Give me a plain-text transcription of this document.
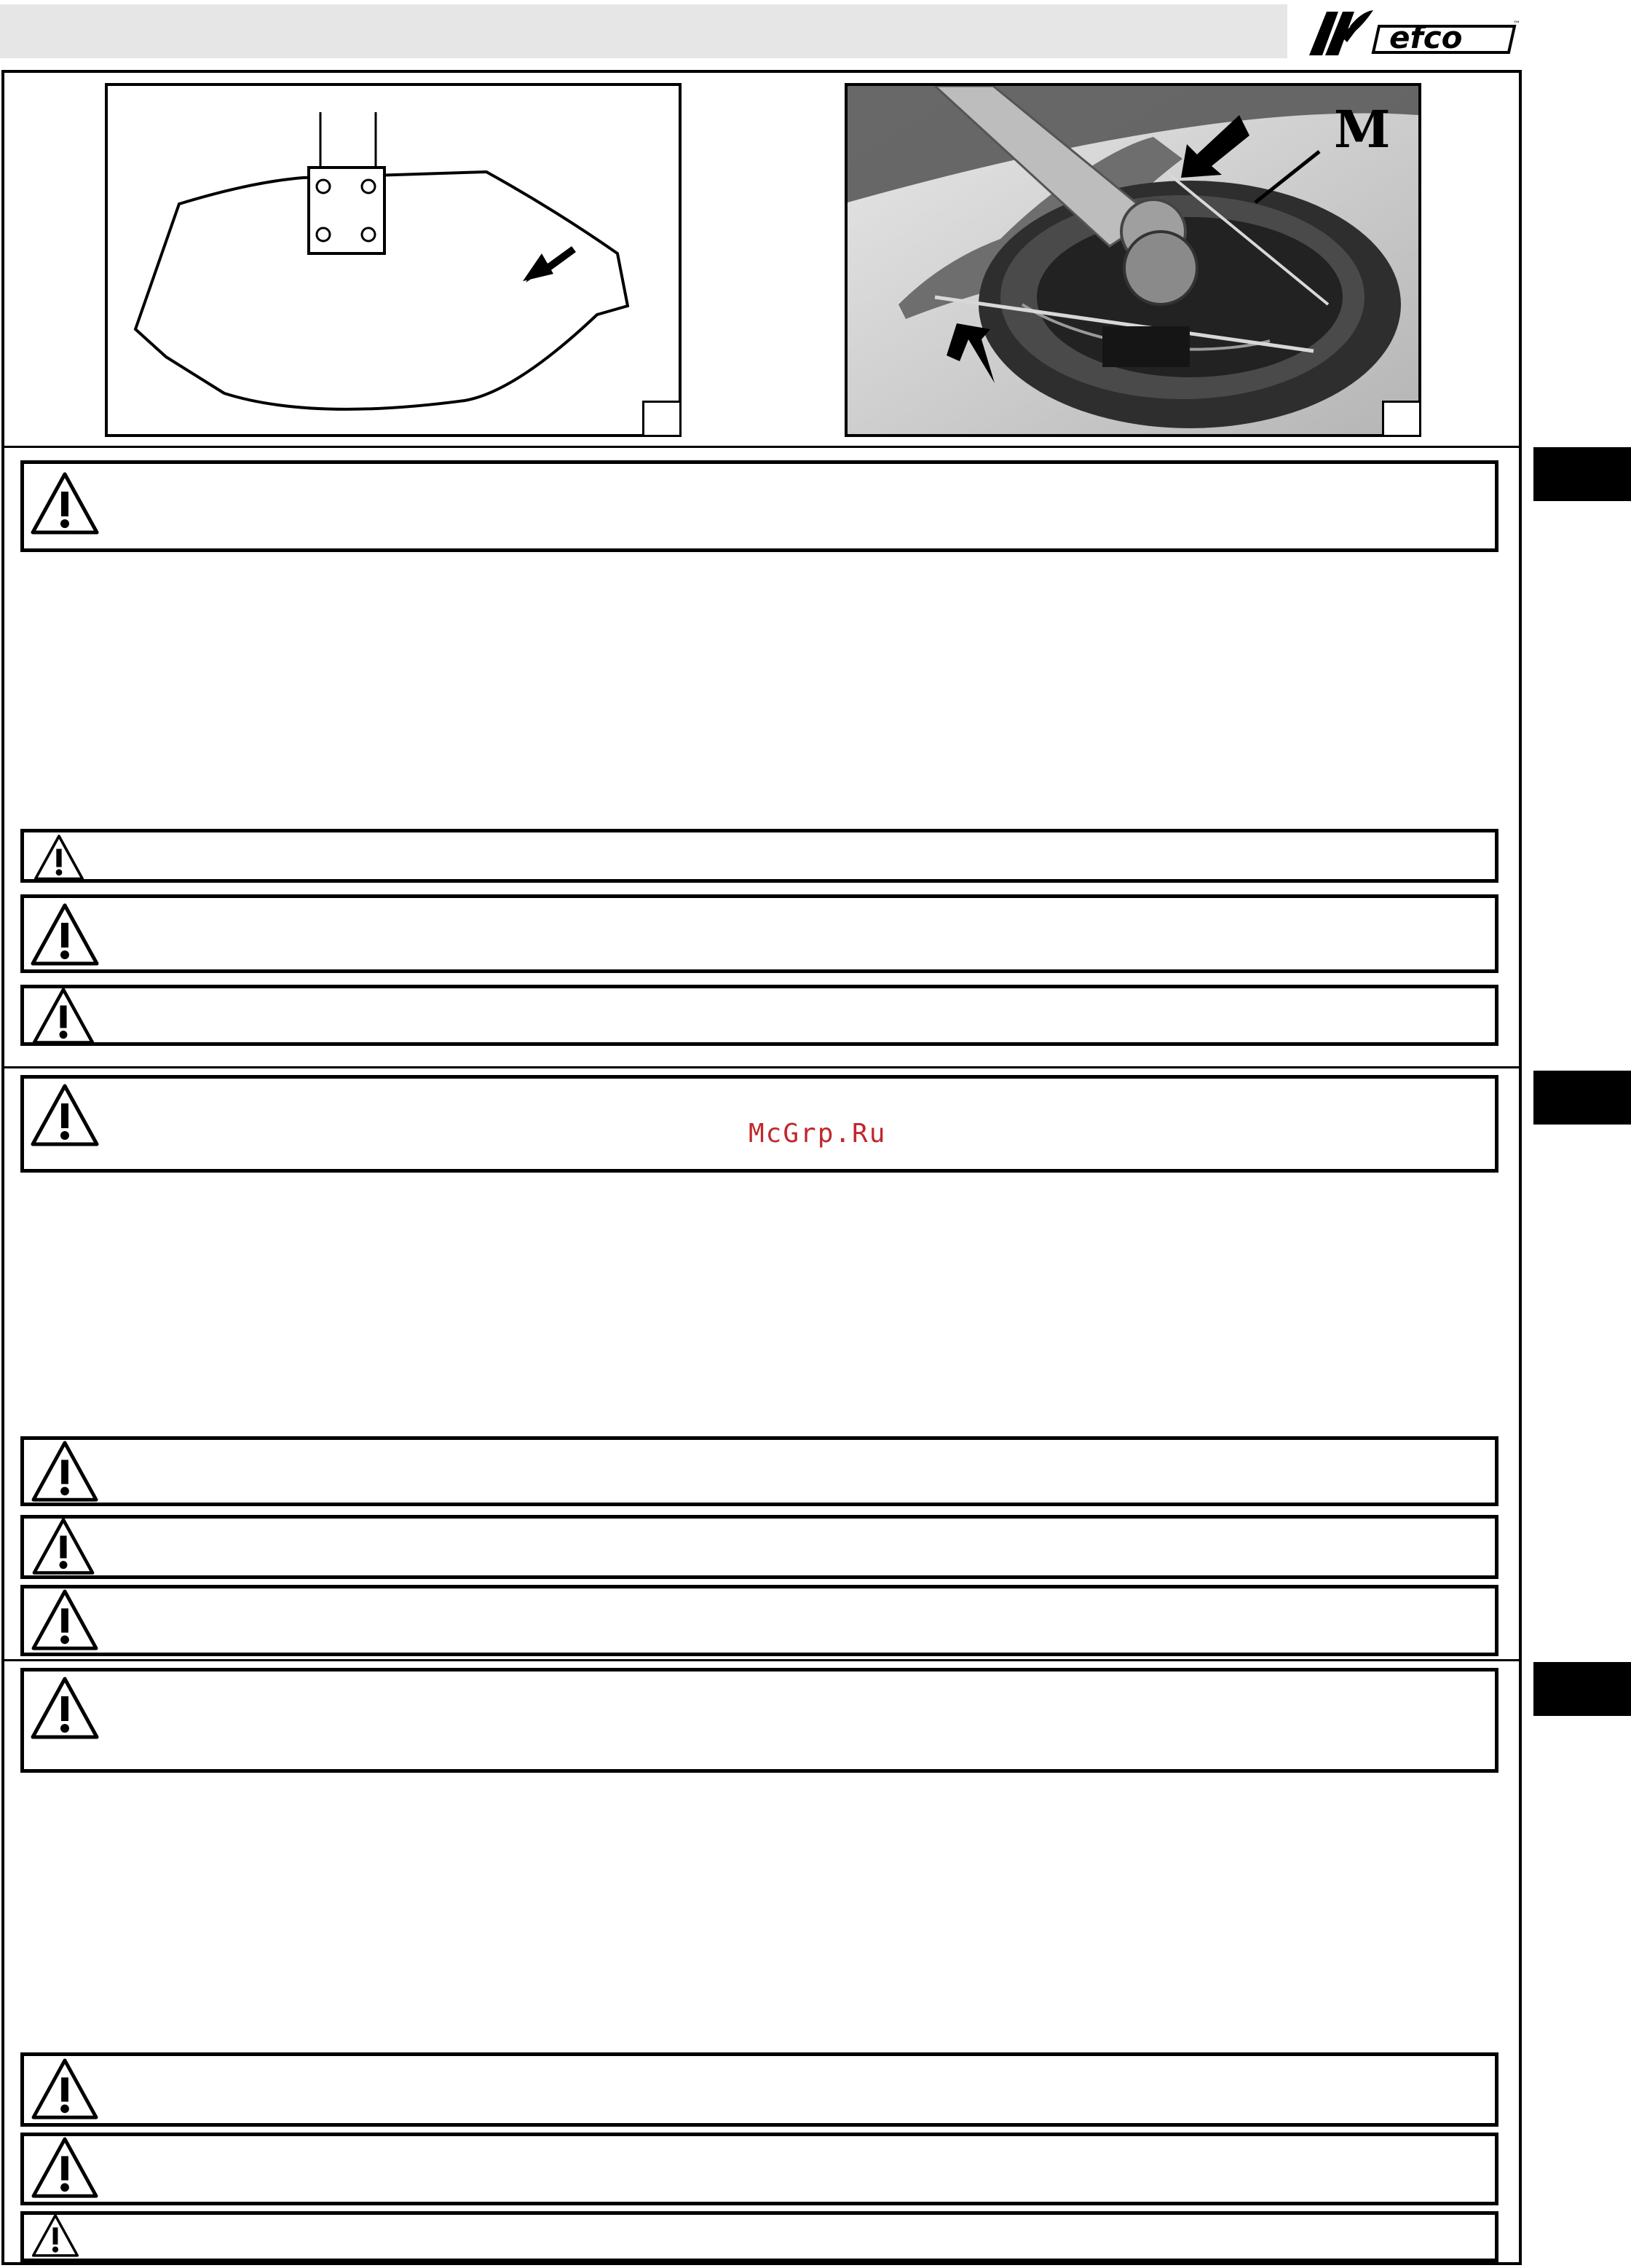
efco	™
M
McGrp.Ru
